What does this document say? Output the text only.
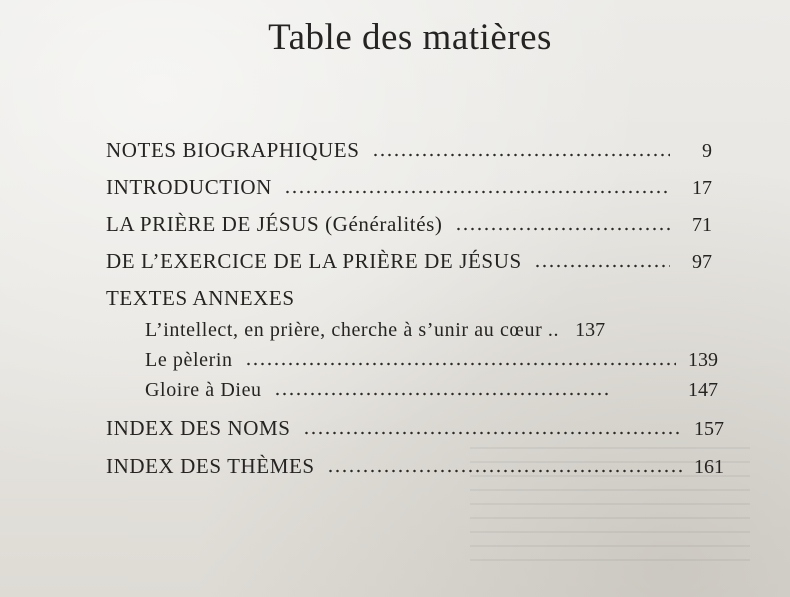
Table des matières
NOTES BIOGRAPHIQUES	9
INTRODUCTION	17
LA PRIÈRE DE JÉSUS (Généralités)	71
DE L’EXERCICE DE LA PRIÈRE DE JÉSUS	97
TEXTES ANNEXES
L’intellect, en prière, cherche à s’unir au cœur .. 137
Le pèlerin	139
Gloire à Dieu	147
INDEX DES NOMS	157
INDEX DES THÈMES	161
